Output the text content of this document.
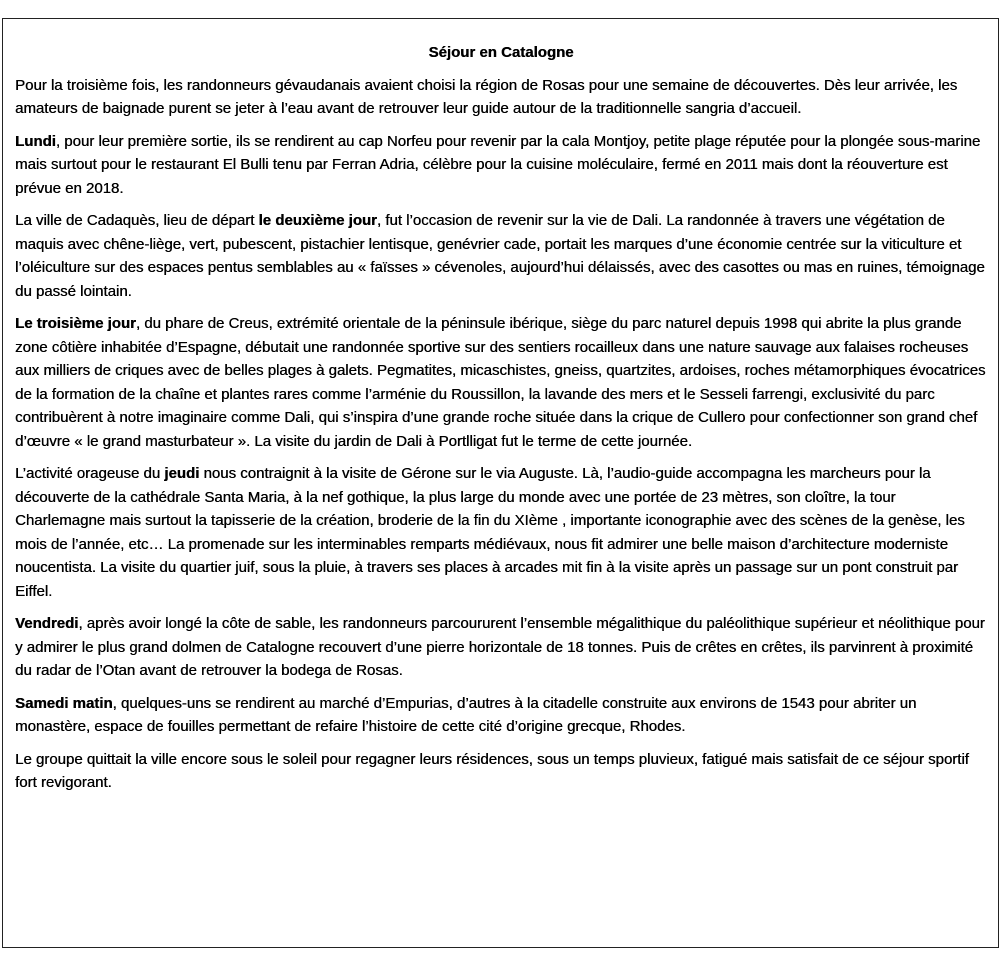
Séjour en Catalogne

Pour la troisième fois, les randonneurs gévaudanais avaient choisi la région de Rosas pour une semaine de découvertes. Dès leur arrivée, les amateurs de baignade purent se jeter à l’eau avant de retrouver leur guide autour de la traditionnelle sangria d’accueil.

Lundi, pour leur première sortie, ils se rendirent au cap Norfeu pour revenir par la cala Montjoy, petite plage réputée pour la plongée sous-marine mais surtout pour le restaurant El Bulli tenu par Ferran Adria, célèbre pour la cuisine moléculaire, fermé en 2011 mais dont la réouverture est prévue en 2018.

La ville de Cadaquès, lieu de départ le deuxième jour, fut l’occasion de revenir sur la vie de Dali. La randonnée à travers une végétation de maquis avec chêne-liège, vert, pubescent, pistachier lentisque, genévrier cade, portait les marques d’une économie centrée sur la viticulture et l’oléiculture sur des espaces pentus semblables au « faïsses » cévenoles, aujourd’hui délaissés, avec des casottes ou mas en ruines, témoignage du passé lointain.

Le troisième jour, du phare de Creus, extrémité orientale de la péninsule ibérique, siège du parc naturel depuis 1998 qui abrite la plus grande zone côtière inhabitée d’Espagne, débutait une randonnée sportive sur des sentiers rocailleux dans une nature sauvage aux falaises rocheuses aux milliers de criques avec de belles plages à galets. Pegmatites, micaschistes, gneiss, quartzites, ardoises, roches métamorphiques évocatrices de la formation de la chaîne et plantes rares comme l’arménie du Roussillon, la lavande des mers et le Sesseli farrengi, exclusivité du parc contribuèrent à notre imaginaire comme Dali, qui s’inspira d’une grande roche située dans la crique de Cullero pour confectionner son grand chef d’œuvre « le grand masturbateur ». La visite du jardin de Dali à Portlligat fut le terme de cette journée.

L’activité orageuse du jeudi nous contraignit à la visite de Gérone sur le via Auguste. Là, l’audio-guide accompagna les marcheurs pour la découverte de la cathédrale Santa Maria, à la nef gothique, la plus large du monde avec une portée de 23 mètres, son cloître, la tour Charlemagne mais surtout la tapisserie de la création, broderie de la fin du XIème , importante iconographie avec des scènes de la genèse, les mois de l’année, etc… La promenade sur les interminables remparts médiévaux, nous fit admirer une belle maison d’architecture moderniste noucentista. La visite du quartier juif, sous la pluie, à travers ses places à arcades mit fin à la visite après un passage sur un pont construit par Eiffel.

Vendredi, après avoir longé la côte de sable, les randonneurs parcoururent l’ensemble mégalithique du paléolithique supérieur et néolithique pour y admirer le plus grand dolmen de Catalogne recouvert d’une pierre horizontale de 18 tonnes. Puis de crêtes en crêtes, ils parvinrent à proximité du radar de l’Otan avant de retrouver la bodega de Rosas.

Samedi matin, quelques-uns se rendirent au marché d’Empurias, d’autres à la citadelle construite aux environs de 1543 pour abriter un monastère, espace de fouilles permettant de refaire l’histoire de cette cité d’origine grecque, Rhodes.

Le groupe quittait la ville encore sous le soleil pour regagner leurs résidences, sous un temps pluvieux, fatigué mais satisfait de ce séjour sportif fort revigorant.
